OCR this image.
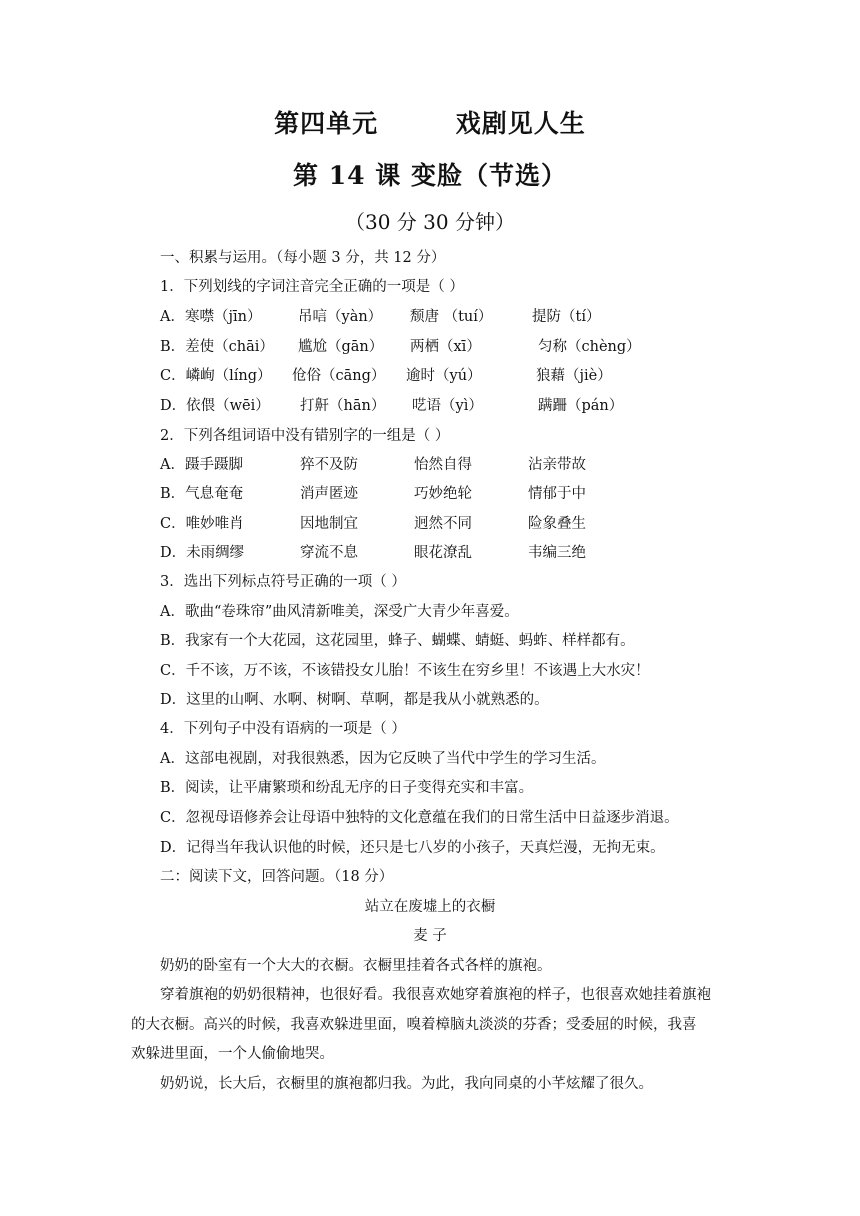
第四单元        戏剧见人生
第 14 课 变脸（节选）
（30 分 30 分钟）
一、积累与运用。（每小题 3 分，共 12 分）
1．下列划线的字词注音完全正确的一项是（ ）
A．寒噤（jīn）	吊唁（yàn） 颓唐 （tuí）	提防（tí）
B．差使（chāi） 尴尬（gān） 两栖（xī）	匀称（chèng）
C．嶙峋（líng） 伧俗（cāng） 逾时（yú）	狼藉（jiè）
D．依偎（wēi） 打鼾（hān） 呓语（yì）	蹒跚（pán）
2．下列各组词语中没有错别字的一组是（ ）
A．蹑手蹑脚	猝不及防	怡然自得	沾亲带故
B．气息奄奄	消声匿迹	巧妙绝轮	情郁于中
C．唯妙唯肖	因地制宜	迥然不同	险象叠生
D．未雨绸缪	穿流不息	眼花潦乱	韦编三绝
3．选出下列标点符号正确的一项（ ）
A．歌曲“卷珠帘”曲风清新唯美，深受广大青少年喜爱。
B．我家有一个大花园，这花园里，蜂子、蝴蝶、蜻蜓、蚂蚱、样样都有。
C．千不该，万不该，不该错投女儿胎！不该生在穷乡里！不该遇上大水灾！
D．这里的山啊、水啊、树啊、草啊，都是我从小就熟悉的。
4．下列句子中没有语病的一项是（ ）
A．这部电视剧，对我很熟悉，因为它反映了当代中学生的学习生活。
B．阅读，让平庸繁琐和纷乱无序的日子变得充实和丰富。
C．忽视母语修养会让母语中独特的文化意蕴在我们的日常生活中日益逐步消退。
D．记得当年我认识他的时候，还只是七八岁的小孩子，天真烂漫，无拘无束。
二：阅读下文，回答问题。（18 分）
站立在废墟上的衣橱
麦 子
奶奶的卧室有一个大大的衣橱。衣橱里挂着各式各样的旗袍。
穿着旗袍的奶奶很精神，也很好看。我很喜欢她穿着旗袍的样子，也很喜欢她挂着旗袍
的大衣橱。高兴的时候，我喜欢躲进里面，嗅着樟脑丸淡淡的芬香；受委屈的时候，我喜
欢躲进里面，一个人偷偷地哭。
奶奶说，长大后，衣橱里的旗袍都归我。为此，我向同桌的小芊炫耀了很久。
